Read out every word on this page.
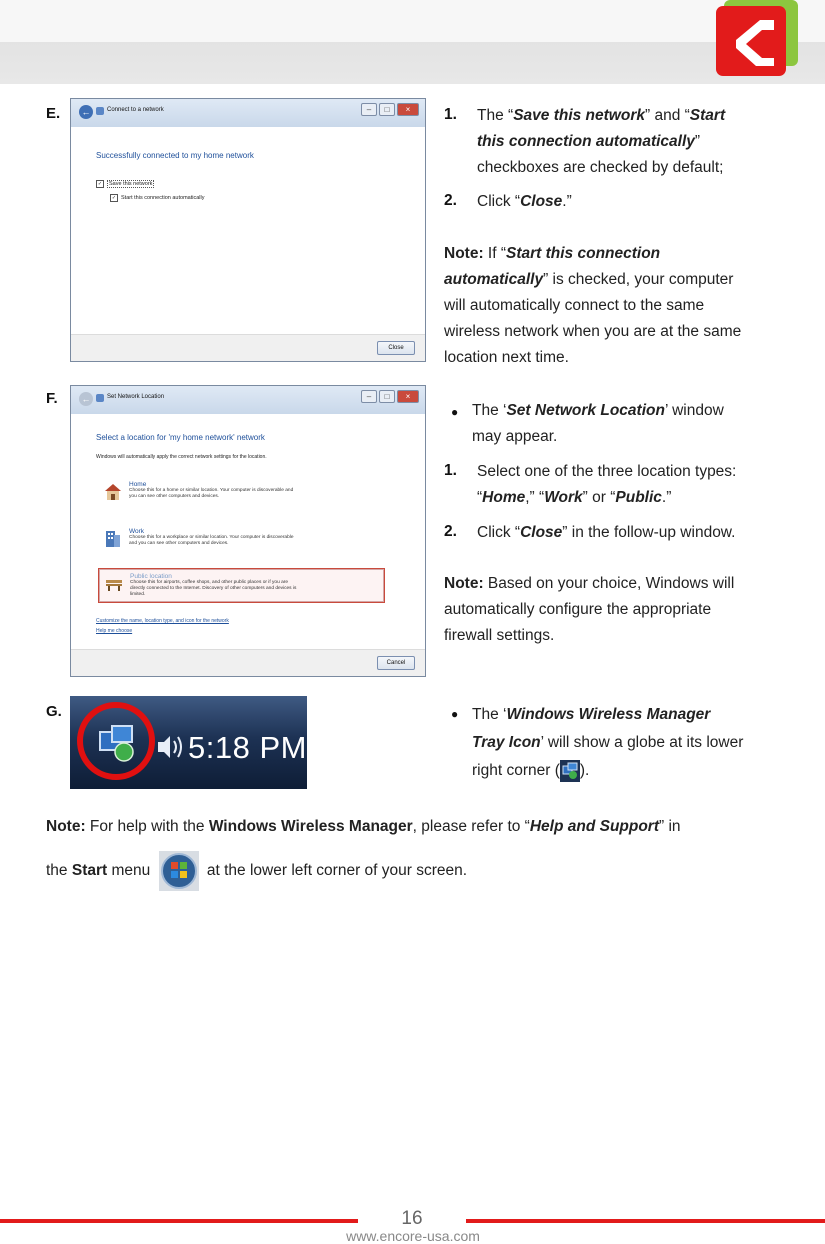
E. ←	Connect to a network	–	□	×
Successfully connected to my home network
✓	Save this network
✓ Start this connection automatically
Close
1. The “Save this network” and “Start
this connection automatically”
checkboxes are checked by default;
2. Click “Close.”
Note: If “Start this connection
automatically” is checked, your computer
will automatically connect to the same
wireless network when you are at the same
location next time.
F.	←	Set Network Location	–	□	×
Select a location for 'my home network' network
Windows will automatically apply the correct network settings for the location.
Home
Choose this for a home or similar location. Your computer is discoverable and
you can see other computers and devices.
Work
Choose this for a workplace or similar location. Your computer is discoverable
and you can see other computers and devices.
Public location
Choose this for airports, coffee shops, and other public places or if you are
directly connected to the Internet. Discovery of other computers and devices is
limited.
Customize the name, location type, and icon for the network
Help me choose
Cancel
● The ‘Set Network Location’ window
may appear.
1. Select one of the three location types:
“Home,” “Work” or “Public.”
2. Click “Close” in the follow-up window.
Note: Based on your choice, Windows will
automatically configure the appropriate
firewall settings.
G.
5:18 PM
● The ‘Windows Wireless Manager
Tray Icon’ will show a globe at its lower
right corner ( ).
Note: For help with the Windows Wireless Manager, please refer to “Help and Support” in
the Start menu	at the lower left corner of your screen.
16
www.encore-usa.com
